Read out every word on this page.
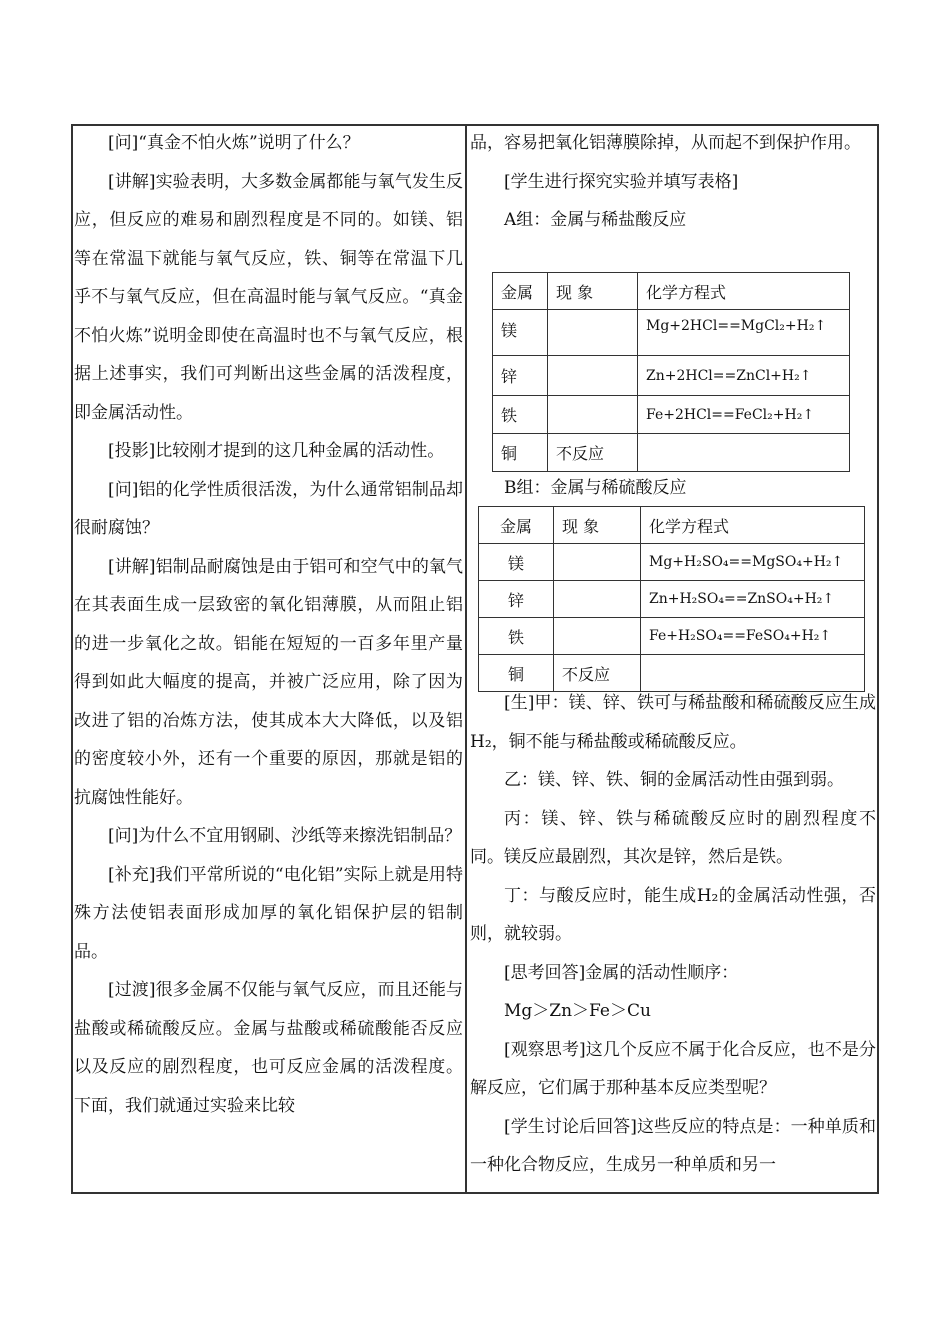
[问]“真金不怕火炼”说明了什么？
[讲解]实验表明，大多数金属都能与氧气发生反应，但反应的难易和剧烈程度是不同的。如镁、铝等在常温下就能与氧气反应，铁、铜等在常温下几乎不与氧气反应，但在高温时能与氧气反应。“真金不怕火炼”说明金即使在高温时也不与氧气反应，根据上述事实，我们可判断出这些金属的活泼程度，即金属活动性。
[投影]比较刚才提到的这几种金属的活动性。
[问]铝的化学性质很活泼，为什么通常铝制品却很耐腐蚀？
[讲解]铝制品耐腐蚀是由于铝可和空气中的氧气在其表面生成一层致密的氧化铝薄膜，从而阻止铝的进一步氧化之故。铝能在短短的一百多年里产量得到如此大幅度的提高，并被广泛应用，除了因为改进了铝的冶炼方法，使其成本大大降低，以及铝的密度较小外，还有一个重要的原因，那就是铝的抗腐蚀性能好。
[问]为什么不宜用钢刷、沙纸等来擦洗铝制品？
[补充]我们平常所说的“电化铝”实际上就是用特殊方法使铝表面形成加厚的氧化铝保护层的铝制品。
[过渡]很多金属不仅能与氧气反应，而且还能与盐酸或稀硫酸反应。金属与盐酸或稀硫酸能否反应以及反应的剧烈程度，也可反应金属的活泼程度。下面，我们就通过实验来比较
品，容易把氧化铝薄膜除掉，从而起不到保护作用。
[学生进行探究实验并填写表格]
A组：金属与稀盐酸反应
金属	现 象	化学方程式
镁		Mg+2HCl==MgCl₂+H₂↑
锌		Zn+2HCl==ZnCl+H₂↑
铁		Fe+2HCl==FeCl₂+H₂↑
铜	不反应	
B组：金属与稀硫酸反应
金属	现 象	化学方程式
镁		Mg+H₂SO₄==MgSO₄+H₂↑
锌		Zn+H₂SO₄==ZnSO₄+H₂↑
铁		Fe+H₂SO₄==FeSO₄+H₂↑
铜	不反应	
[生]甲：镁、锌、铁可与稀盐酸和稀硫酸反应生成H₂，铜不能与稀盐酸或稀硫酸反应。
乙：镁、锌、铁、铜的金属活动性由强到弱。
丙：镁、锌、铁与稀硫酸反应时的剧烈程度不同。镁反应最剧烈，其次是锌，然后是铁。
丁：与酸反应时，能生成H₂的金属活动性强，否则，就较弱。
[思考回答]金属的活动性顺序：
Mg＞Zn＞Fe＞Cu
[观察思考]这几个反应不属于化合反应，也不是分解反应，它们属于那种基本反应类型呢？
[学生讨论后回答]这些反应的特点是：一种单质和一种化合物反应，生成另一种单质和另一
